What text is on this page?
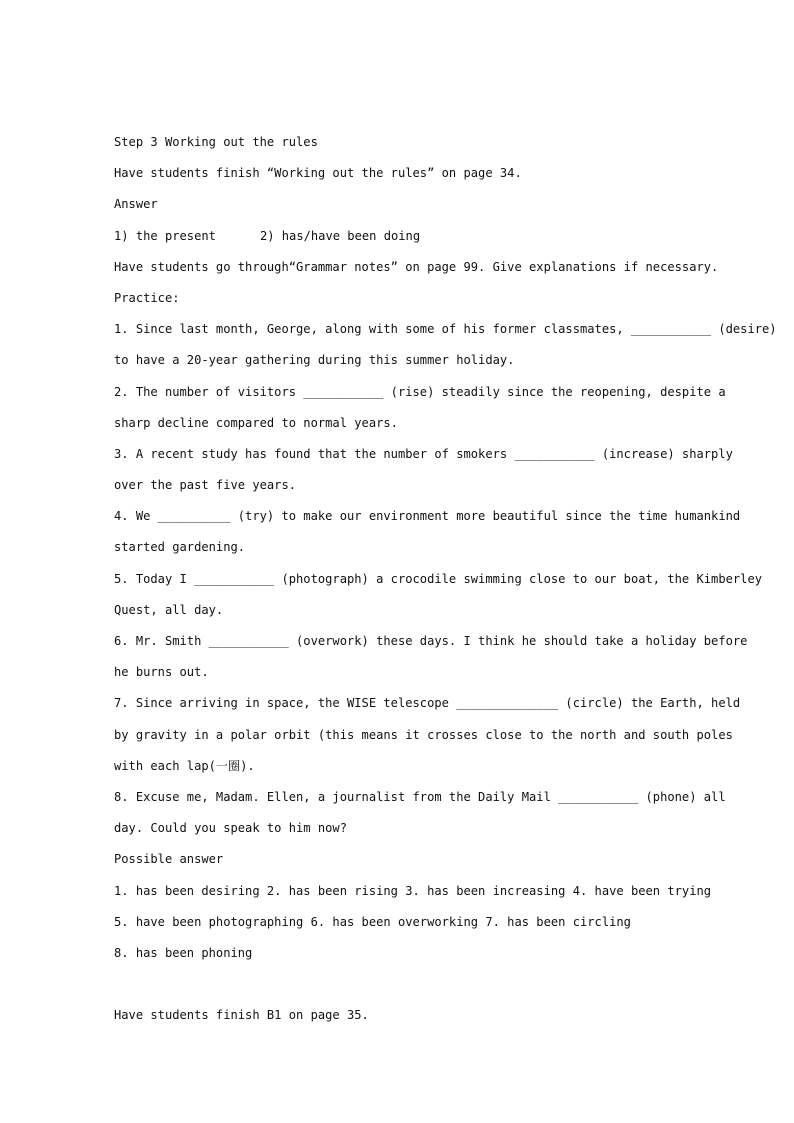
Step 3 Working out the rules
Have students finish “Working out the rules” on page 34.
Answer
1) the present	2) has/have been doing
Have students go through“Grammar notes” on page 99. Give explanations if necessary.
Practice:
1. Since last month, George, along with some of his former classmates, ___________ (desire)
to have a 20-year gathering during this summer holiday.
2. The number of visitors ___________ (rise) steadily since the reopening, despite a
sharp decline compared to normal years.
3. A recent study has found that the number of smokers ___________ (increase) sharply
over the past five years.
4. We __________ (try) to make our environment more beautiful since the time humankind
started gardening.
5. Today I ___________ (photograph) a crocodile swimming close to our boat, the Kimberley
Quest, all day.
6. Mr. Smith ___________ (overwork) these days. I think he should take a holiday before
he burns out.
7. Since arriving in space, the WISE telescope ______________ (circle) the Earth, held
by gravity in a polar orbit (this means it crosses close to the north and south poles
with each lap(一圈).
8. Excuse me, Madam. Ellen, a journalist from the Daily Mail ___________ (phone) all
day. Could you speak to him now?
Possible answer
1. has been desiring 2. has been rising 3. has been increasing 4. have been trying
5. have been photographing 6. has been overworking 7. has been circling
8. has been phoning
Have students finish B1 on page 35.
